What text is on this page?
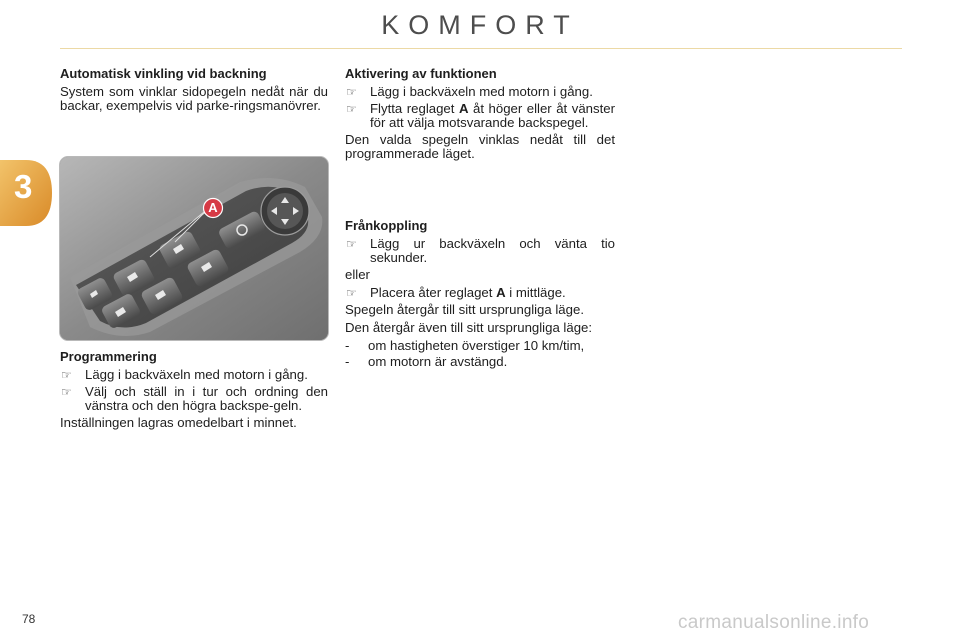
KOMFORT
3
Automatisk vinkling vid backning
System som vinklar sidopegeln nedåt när du backar, exempelvis vid parke-ringsmanövrer.
A
Programmering
☞ Lägg i backväxeln med motorn i gång.
☞ Välj och ställ in i tur och ordning den vänstra och den högra backspe-geln.
Inställningen lagras omedelbart i minnet.
Aktivering av funktionen
☞ Lägg i backväxeln med motorn i gång.
☞ Flytta reglaget A åt höger eller åt vänster för att välja motsvarande backspegel.
Den valda spegeln vinklas nedåt till det programmerade läget.
Frånkoppling
☞ Lägg ur backväxeln och vänta tio sekunder.
eller
☞ Placera åter reglaget A i mittläge.
Spegeln återgår till sitt ursprungliga läge.
Den återgår även till sitt ursprungliga läge:
- om hastigheten överstiger 10 km/tim,
- om motorn är avstängd.
78	carmanualsonline.info
